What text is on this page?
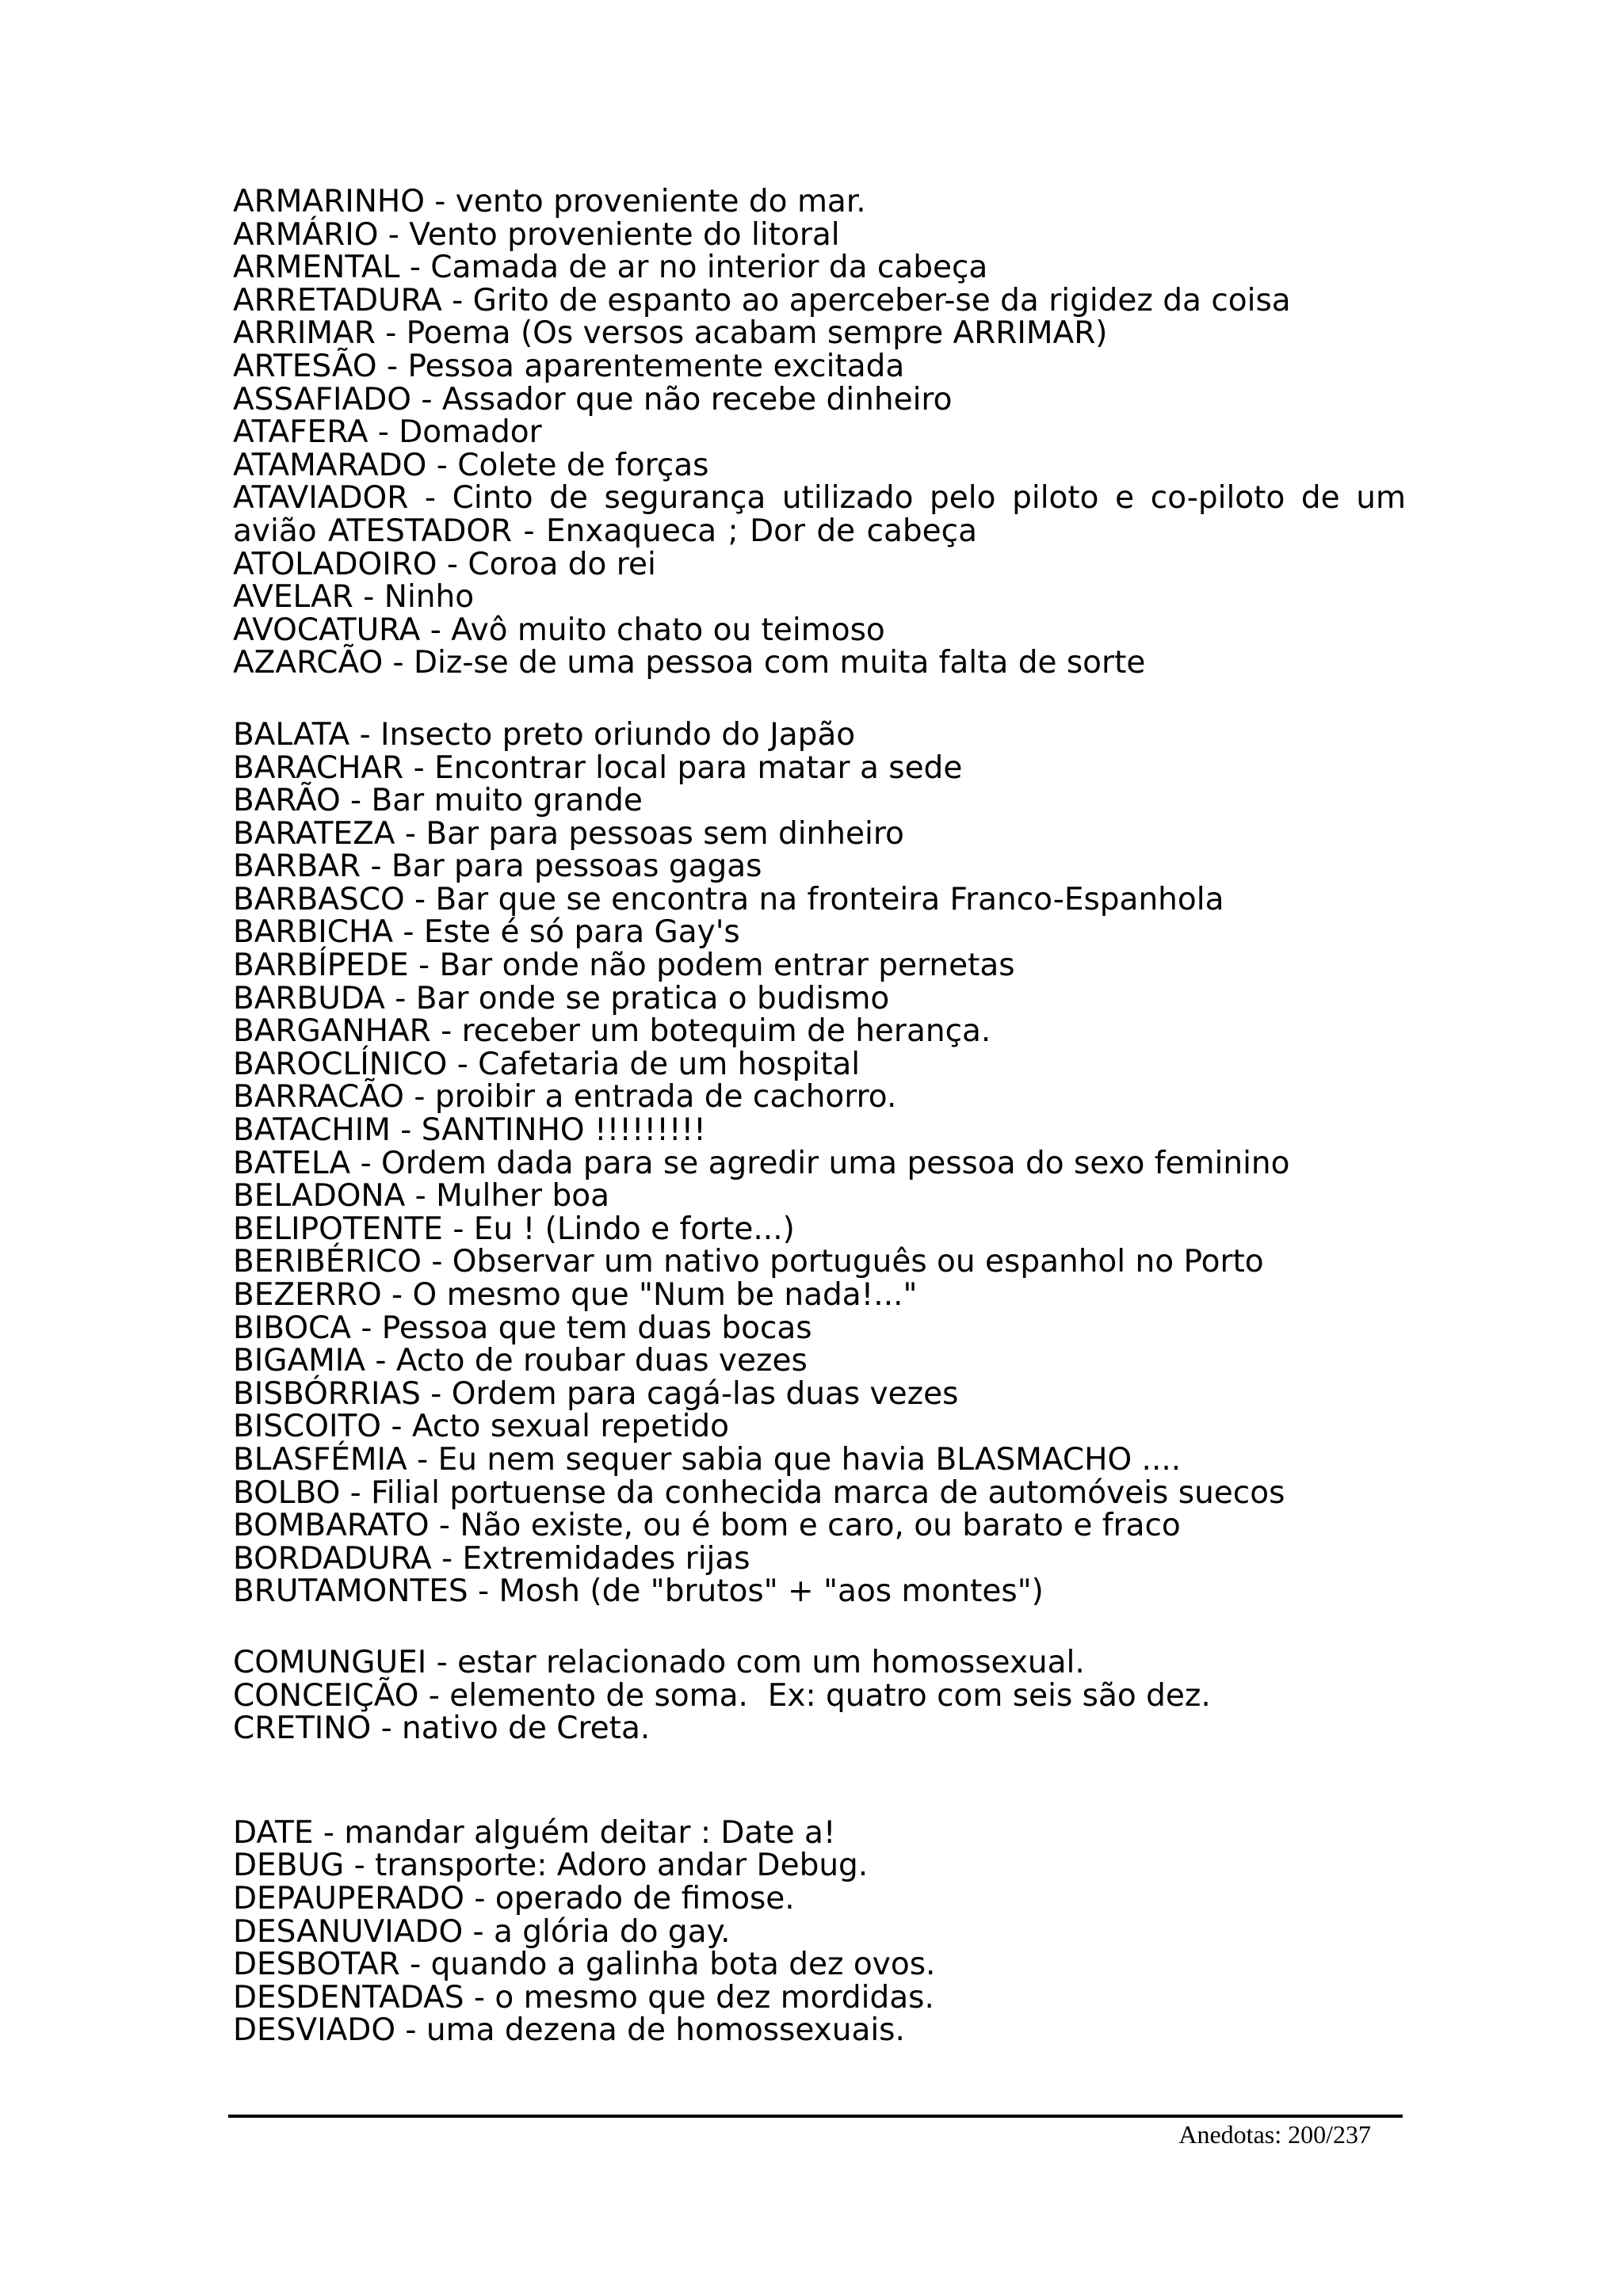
ARMARINHO - vento proveniente do mar.

ARMÁRIO - Vento proveniente do litoral

ARMENTAL - Camada de ar no interior da cabeça

ARRETADURA - Grito de espanto ao aperceber-se da rigidez da coisa

ARRIMAR - Poema (Os versos acabam sempre ARRIMAR)

ARTESÃO - Pessoa aparentemente excitada

ASSAFIADO - Assador que não recebe dinheiro

ATAFERA - Domador

ATAMARADO - Colete de forças

ATAVIADOR - Cinto de segurança utilizado pelo piloto e co-piloto de um avião ATESTADOR - Enxaqueca ; Dor de cabeça

ATOLADOIRO - Coroa do rei

AVELAR - Ninho

AVOCATURA - Avô muito chato ou teimoso

AZARCÃO - Diz-se de uma pessoa com muita falta de sorte

BALATA - Insecto preto oriundo do Japão

BARACHAR - Encontrar local para matar a sede

BARÃO - Bar muito grande

BARATEZA - Bar para pessoas sem dinheiro

BARBAR - Bar para pessoas gagas

BARBASCO - Bar que se encontra na fronteira Franco-Espanhola

BARBICHA - Este é só para Gay's

BARBÍPEDE - Bar onde não podem entrar pernetas

BARBUDA - Bar onde se pratica o budismo

BARGANHAR - receber um botequim de herança.

BAROCLÍNICO - Cafetaria de um hospital

BARRACÃO - proibir a entrada de cachorro.

BATACHIM - SANTINHO !!!!!!!!!

BATELA - Ordem dada para se agredir uma pessoa do sexo feminino

BELADONA - Mulher boa

BELIPOTENTE - Eu ! (Lindo e forte...)

BERIBÉRICO - Observar um nativo português ou espanhol no Porto

BEZERRO - O mesmo que "Num be nada!..."

BIBOCA - Pessoa que tem duas bocas

BIGAMIA - Acto de roubar duas vezes

BISBÓRRIAS - Ordem para cagá-las duas vezes

BISCOITO - Acto sexual repetido

BLASFÉMIA - Eu nem sequer sabia que havia BLASMACHO ....

BOLBO - Filial portuense da conhecida marca de automóveis suecos

BOMBARATO - Não existe, ou é bom e caro, ou barato e fraco

BORDADURA - Extremidades rijas

BRUTAMONTES - Mosh (de "brutos" + "aos montes")

COMUNGUEI - estar relacionado com um homossexual.

CONCEIÇÃO - elemento de soma.  Ex: quatro com seis são dez.

CRETINO - nativo de Creta.

DATE - mandar alguém deitar : Date a!

DEBUG - transporte: Adoro andar Debug.

DEPAUPERADO - operado de fimose.

DESANUVIADO - a glória do gay.

DESBOTAR - quando a galinha bota dez ovos.

DESDENTADAS - o mesmo que dez mordidas.

DESVIADO - uma dezena de homossexuais.

Anedotas: 200/237
